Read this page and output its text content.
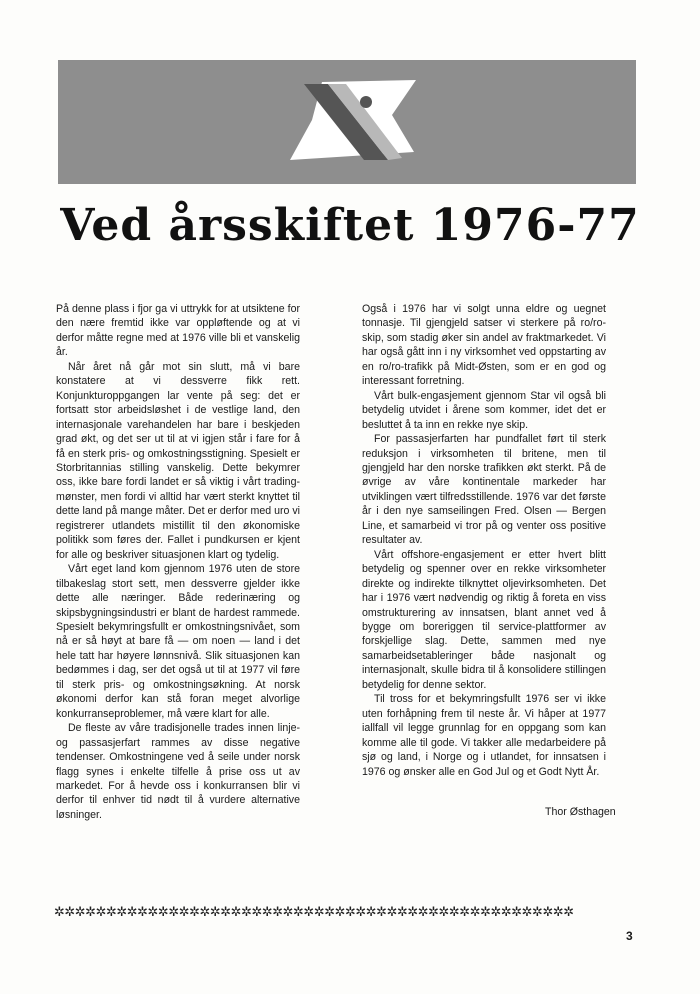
Ved årsskiftet 1976-77

På denne plass i fjor ga vi uttrykk for at utsiktene for den nære fremtid ikke var oppløftende og at vi derfor måtte regne med at 1976 ville bli et vanskelig år.

Når året nå går mot sin slutt, må vi bare konstatere at vi dessverre fikk rett. Konjunkturoppgangen lar vente på seg: det er fortsatt stor arbeidsløshet i de vestlige land, den internasjonale varehandelen har bare i beskjeden grad økt, og det ser ut til at vi igjen står i fare for å få en sterk pris- og omkostningsstigning. Spesielt er Storbritannias stilling vanskelig. Dette bekymrer oss, ikke bare fordi landet er så viktig i vårt trading-mønster, men fordi vi alltid har vært sterkt knyttet til dette land på mange måter. Det er derfor med uro vi registrerer utlandets mistillit til den økonomiske politikk som føres der. Fallet i pundkursen er kjent for alle og beskriver situasjonen klart og tydelig.

Vårt eget land kom gjennom 1976 uten de store tilbakeslag stort sett, men dessverre gjelder ikke dette alle næringer. Både rederinæring og skipsbygningsindustri er blant de hardest rammede. Spesielt bekymringsfullt er omkostningsnivået, som nå er så høyt at bare få — om noen — land i det hele tatt har høyere lønnsnivå. Slik situasjonen kan bedømmes i dag, ser det også ut til at 1977 vil føre til sterk pris- og omkostningsøkning. At norsk økonomi derfor kan stå foran meget alvorlige konkurranseproblemer, må være klart for alle.

De fleste av våre tradisjonelle trades innen linje- og passasjerfart rammes av disse negative tendenser. Omkostningene ved å seile under norsk flagg synes i enkelte tilfelle å prise oss ut av markedet. For å hevde oss i konkurransen blir vi derfor til enhver tid nødt til å vurdere alternative løsninger.

Også i 1976 har vi solgt unna eldre og uegnet tonnasje. Til gjengjeld satser vi sterkere på ro/ro-skip, som stadig øker sin andel av fraktmarkedet. Vi har også gått inn i ny virksomhet ved oppstarting av en ro/ro-trafikk på Midt-Østen, som er en god og interessant forretning.

Vårt bulk-engasjement gjennom Star vil også bli betydelig utvidet i årene som kommer, idet det er besluttet å ta inn en rekke nye skip.

For passasjerfarten har pundfallet ført til sterk reduksjon i virksomheten til britene, men til gjengjeld har den norske trafikken økt sterkt. På de øvrige av våre kontinentale markeder har utviklingen vært tilfredsstillende. 1976 var det første år i den nye samseilingen Fred. Olsen — Bergen Line, et samarbeid vi tror på og venter oss positive resultater av.

Vårt offshore-engasjement er etter hvert blitt betydelig og spenner over en rekke virksomheter direkte og indirekte tilknyttet oljevirksomheten. Det har i 1976 vært nødvendig og riktig å foreta en viss omstrukturering av innsatsen, blant annet ved å bygge om boreriggen til service-plattformer av forskjellige slag. Dette, sammen med nye samarbeidsetableringer både nasjonalt og internasjonalt, skulle bidra til å konsolidere stillingen betydelig for denne sektor.

Til tross for et bekymringsfullt 1976 ser vi ikke uten forhåpning frem til neste år. Vi håper at 1977 iallfall vil legge grunnlag for en oppgang som kan komme alle til gode. Vi takker alle medarbeidere på sjø og land, i Norge og i utlandet, for innsatsen i 1976 og ønsker alle en God Jul og et Godt Nytt År.

Thor Østhagen
✲✲✲✲✲✲✲✲✲✲✲✲✲✲✲✲✲✲✲✲✲✲✲✲✲✲✲✲✲✲✲✲✲✲✲✲✲✲✲✲✲✲✲✲✲✲✲✲✲✲
3
